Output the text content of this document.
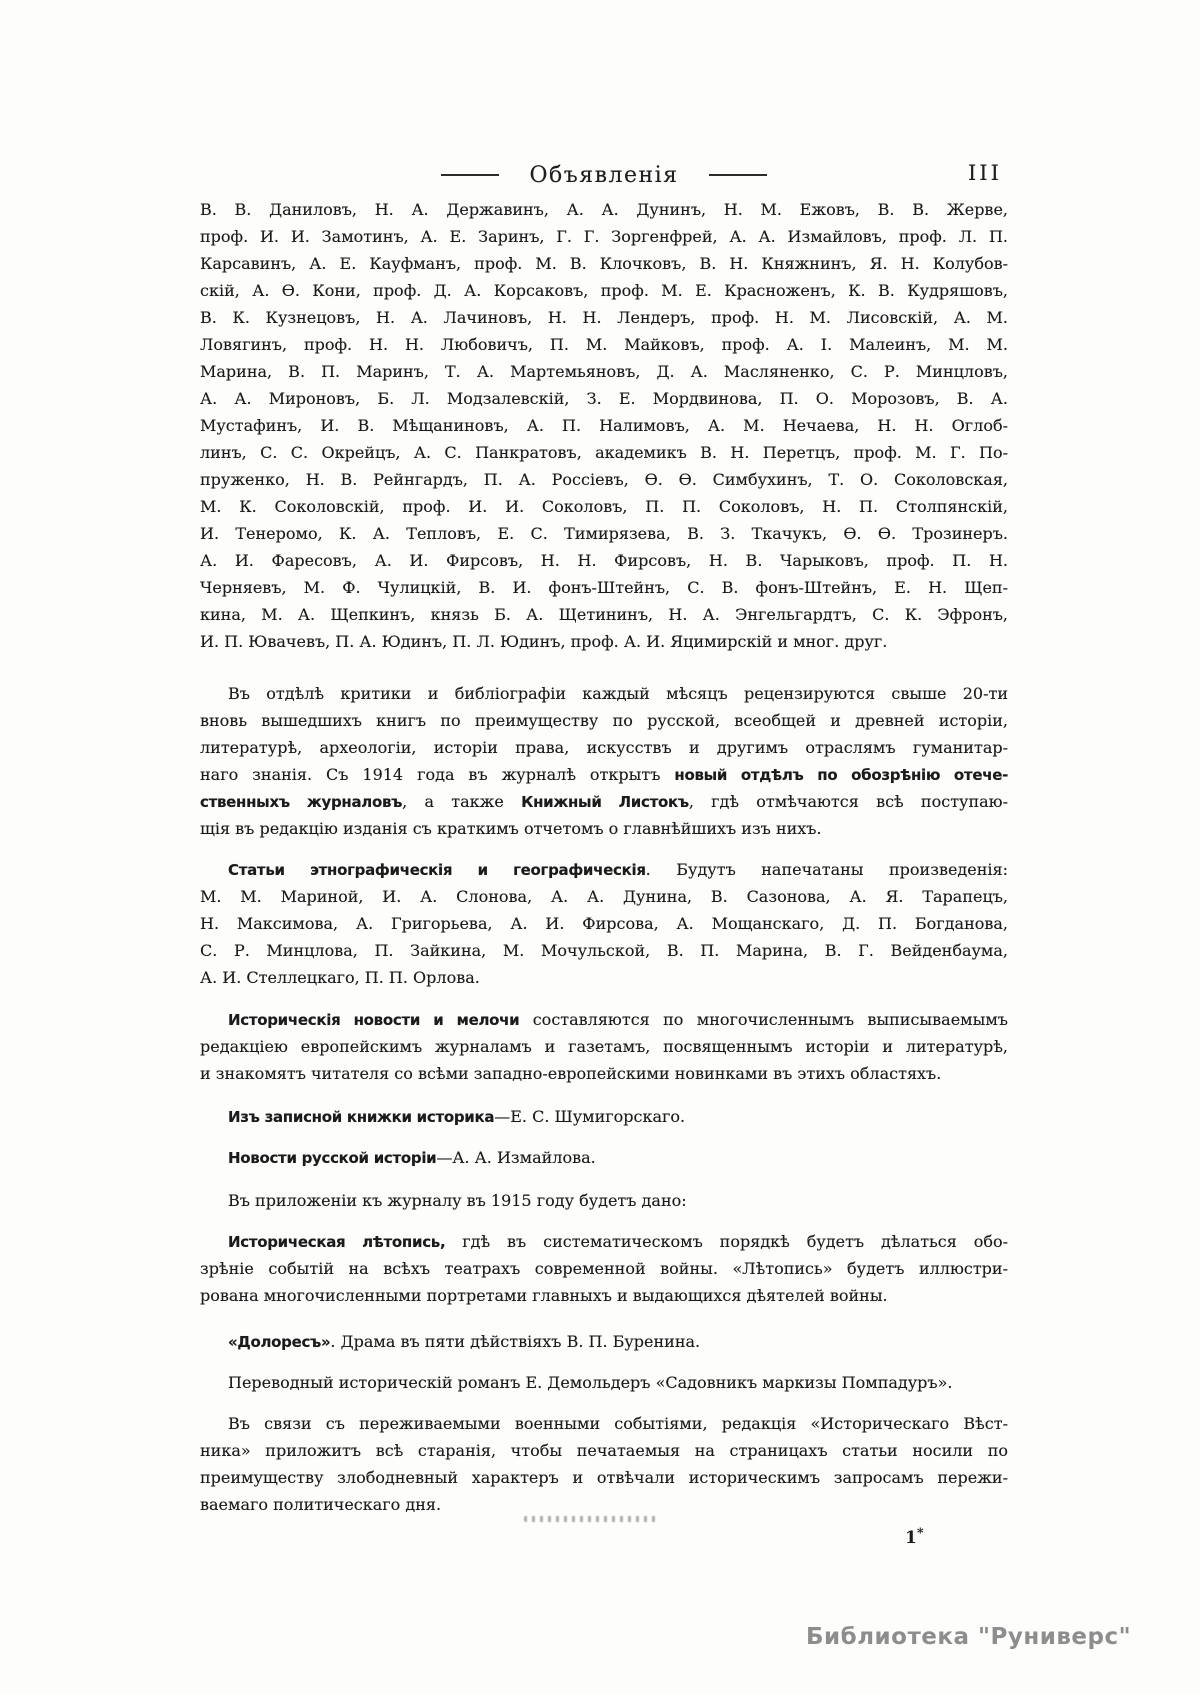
Объявленія	III
В. В. Даниловъ, Н. А. Державинъ, А. А. Дунинъ, Н. М. Ежовъ, В. В. Жерве,
проф. И. И. Замотинъ, А. Е. Заринъ, Г. Г. Зоргенфрей, А. А. Измайловъ, проф. Л. П.
Карсавинъ, А. Е. Кауфманъ, проф. М. В. Клочковъ, В. Н. Княжнинъ, Я. Н. Колубов-
скій, А. Ѳ. Кони, проф. Д. А. Корсаковъ, проф. М. Е. Красноженъ, К. В. Кудряшовъ,
В. К. Кузнецовъ, Н. А. Лачиновъ, Н. Н. Лендеръ, проф. Н. М. Лисовскій, А. М.
Ловягинъ, проф. Н. Н. Любовичъ, П. М. Майковъ, проф. А. І. Малеинъ, М. М.
Марина, В. П. Маринъ, Т. А. Мартемьяновъ, Д. А. Масляненко, С. Р. Минцловъ,
А. А. Мироновъ, Б. Л. Модзалевскій, З. Е. Мордвинова, П. О. Морозовъ, В. А.
Мустафинъ, И. В. Мѣщаниновъ, А. П. Налимовъ, А. М. Нечаева, Н. Н. Оглоб-
линъ, С. С. Окрейцъ, А. С. Панкратовъ, академикъ В. Н. Перетцъ, проф. М. Г. По-
пруженко, Н. В. Рейнгардъ, П. А. Россіевъ, Ѳ. Ѳ. Симбухинъ, Т. О. Соколовская,
М. К. Соколовскій, проф. И. И. Соколовъ, П. П. Соколовъ, Н. П. Столпянскій,
И. Тенеромо, К. А. Тепловъ, Е. С. Тимирязева, В. З. Ткачукъ, Ѳ. Ѳ. Трозинеръ.
А. И. Фаресовъ, А. И. Фирсовъ, Н. Н. Фирсовъ, Н. В. Чарыковъ, проф. П. Н.
Черняевъ, М. Ф. Чулицкій, В. И. фонъ-Штейнъ, С. В. фонъ-Штейнъ, Е. Н. Щеп-
кина, М. А. Щепкинъ, князь Б. А. Щетининъ, Н. А. Энгельгардтъ, С. К. Эфронъ,
И. П. Ювачевъ, П. А. Юдинъ, П. Л. Юдинъ, проф. А. И. Яцимирскій и мног. друг.
Въ отдѣлѣ критики и библіографіи каждый мѣсяцъ рецензируются свыше 20-ти
вновь вышедшихъ книгъ по преимуществу по русской, всеобщей и древней исторіи,
литературѣ, археологіи, исторіи права, искусствъ и другимъ отраслямъ гуманитар-
наго знанія. Съ 1914 года въ журналѣ открытъ новый отдѣлъ по обозрѣнію отече-
ственныхъ журналовъ, а также Книжный Листокъ, гдѣ отмѣчаются всѣ поступаю-
щія въ редакцію изданія съ краткимъ отчетомъ о главнѣйшихъ изъ нихъ.
Статьи этнографическія и географическія. Будутъ напечатаны произведенія:
М. М. Мариной, И. А. Слонова, А. А. Дунина, В. Сазонова, А. Я. Тарапецъ,
Н. Максимова, А. Григорьева, А. И. Фирсова, А. Мощанскаго, Д. П. Богданова,
С. Р. Минцлова, П. Зайкина, М. Мочульской, В. П. Марина, В. Г. Вейденбаума,
А. И. Стеллецкаго, П. П. Орлова.
Историческія новости и мелочи составляются по многочисленнымъ выписываемымъ
редакціею европейскимъ журналамъ и газетамъ, посвященнымъ исторіи и литературѣ,
и знакомятъ читателя со всѣми западно-европейскими новинками въ этихъ областяхъ.
Изъ записной книжки историка—Е. С. Шумигорскаго.
Новости русской исторіи—А. А. Измайлова.
Въ приложеніи къ журналу въ 1915 году будетъ дано:
Историческая лѣтопись, гдѣ въ систематическомъ порядкѣ будетъ дѣлаться обо-
зрѣніе событій на всѣхъ театрахъ современной войны. «Лѣтопись» будетъ иллюстри-
рована многочисленными портретами главныхъ и выдающихся дѣятелей войны.
«Долоресъ». Драма въ пяти дѣйствіяхъ В. П. Буренина.
Переводный историческій романъ Е. Демольдеръ «Садовникъ маркизы Помпадуръ».
Въ связи съ переживаемыми военными событіями, редакція «Историческаго Вѣст-
ника» приложитъ всѣ старанія, чтобы печатаемыя на страницахъ статьи носили по
преимуществу злободневный характеръ и отвѣчали историческимъ запросамъ пережи-
ваемаго политическаго дня.
1*
Библиотека "Руниверс"
